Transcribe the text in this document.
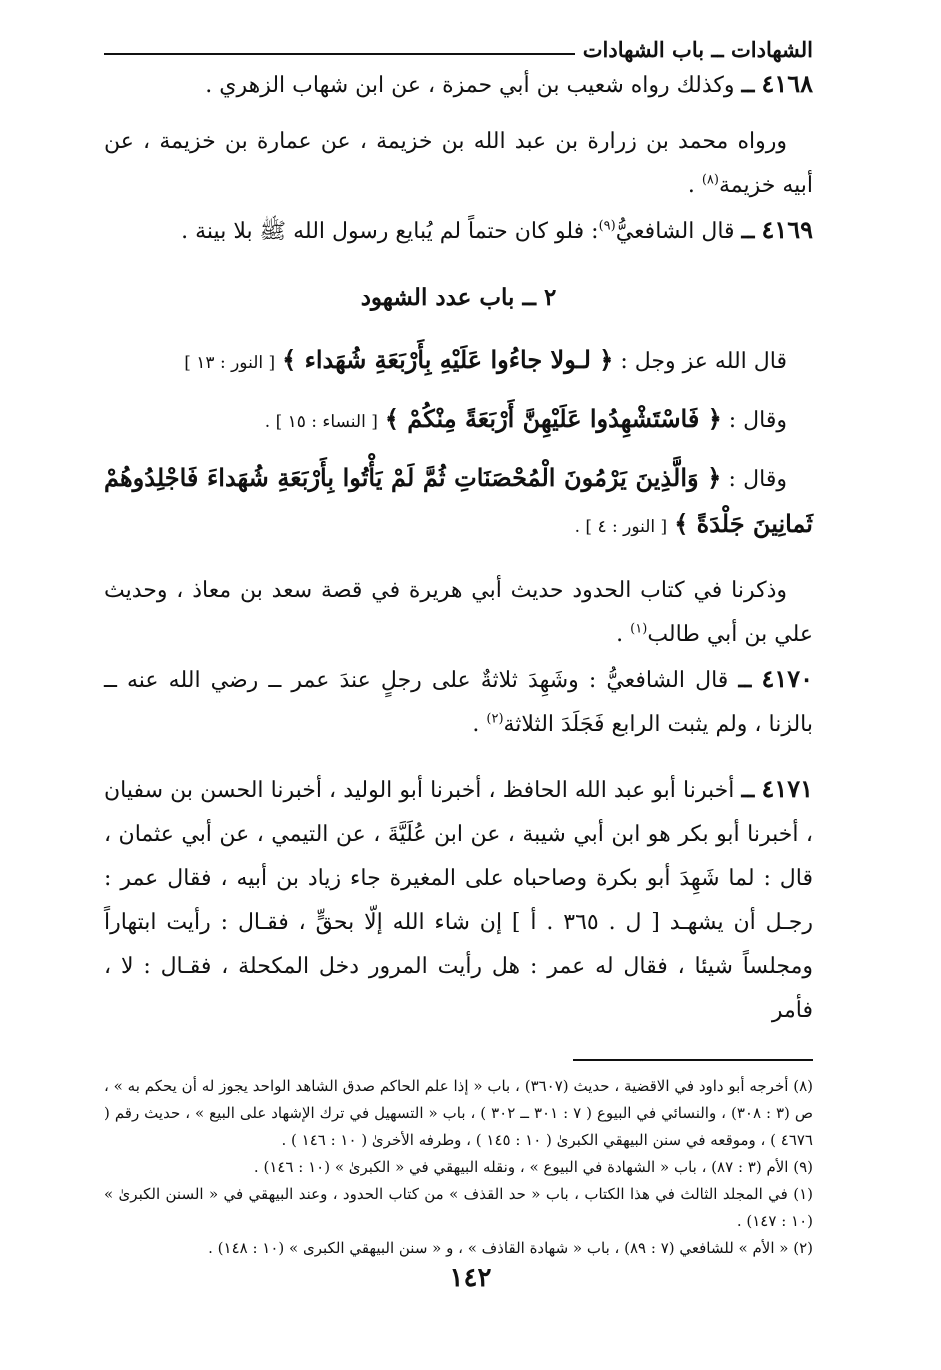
الشهادات ــ باب الشهادات

٤١٦٨ ــ وكذلك رواه شعيب بن أبي حمزة ، عن ابن شهاب الزهري .

ورواه محمد بن زرارة بن عبد الله بن خزيمة ، عن عمارة بن خزيمة ، عن أبيه خزيمة$^{(٨)}$ .

٤١٦٩ ــ قال الشافعيُّ$^{(٩)}$: فلو كان حتماً لم يُبايع رسول الله ﷺ بلا بينة .

٢ ــ باب عدد الشهود

قال الله عز وجل : ﴿ لـولا جاءُوا عَلَيْهِ بِأَرْبَعَةِ شُهَداء ﴾ [ النور : ١٣ ]

وقال : ﴿ فَاسْتَشْهِدُوا عَلَيْهِنَّ أَرْبَعَةً مِنْكُمْ ﴾ [ النساء : ١٥ ] .

وقال : ﴿ وَالَّذِينَ يَرْمُونَ الْمُحْصَنَاتِ ثُمَّ لَمْ يَأْتُوا بِأَرْبَعَةِ شُهَداءَ فَاجْلِدُوهُمْ ثَمانِينَ جَلْدَةً ﴾ [ النور : ٤ ] .

وذكرنا في كتاب الحدود حديث أبي هريرة في قصة سعد بن معاذ ، وحديث علي بن أبي طالب$^{(١)}$ .

٤١٧٠ ــ قال الشافعيُّ : وشَهِدَ ثلاثةٌ على رجلٍ عندَ عمر ــ رضي الله عنه ــ بالزنا ، ولم يثبت الرابع فَجَلَدَ الثلاثة$^{(٢)}$ .

٤١٧١ ــ أخبرنا أبو عبد الله الحافظ ، أخبرنا أبو الوليد ، أخبرنا الحسن بن سفيان ، أخبرنا أبو بكر هو ابن أبي شيبة ، عن ابن عُلَيَّةَ ، عن التيمي ، عن أبي عثمان ، قال : لما شَهِدَ أبو بكرة وصاحباه على المغيرة جاء زياد بن أبيه ، فقال عمر : رجـل أن يشهـد [ ل . ٣٦٥ . أ ] إن شاء الله إلّا بحقٍّ ، فقـال : رأيت ابتهاراً ومجلساً شيئا ، فقال له عمر : هل رأيت المرور دخل المكحلة ، فقـال : لا ، فأمر

(٨) أخرجه أبو داود في الاقضية ، حديث (٣٦٠٧) ، باب « إذا علم الحاكم صدق الشاهد الواحد يجوز له أن يحكم به » ، ص (٣ : ٣٠٨) ، والنسائي في البيوع ( ٧ : ٣٠١ ــ ٣٠٢ ) ، باب « التسهيل في ترك الإشهاد على البيع » ، حديث رقم ( ٤٦٧٦ ) ، وموقعه في سنن البيهقي الكبرىٰ ( ١٠ : ١٤٥ ) ، وطرفه الأخرىٰ ( ١٠ : ١٤٦ ) .

(٩) الأم (٣ : ٨٧) ، باب « الشهادة في البيوع » ، ونقله البيهقي في « الكبرىٰ » (١٠ : ١٤٦) .

(١) في المجلد الثالث في هذا الكتاب ، باب « حد القذف » من كتاب الحدود ، وعند البيهقي في « السنن الكبرىٰ » (١٠ : ١٤٧) .

(٢) « الأم » للشافعي (٧ : ٨٩) ، باب « شهادة القاذف » ، و « سنن البيهقي الكبرى » (١٠ : ١٤٨) .

١٤٢
